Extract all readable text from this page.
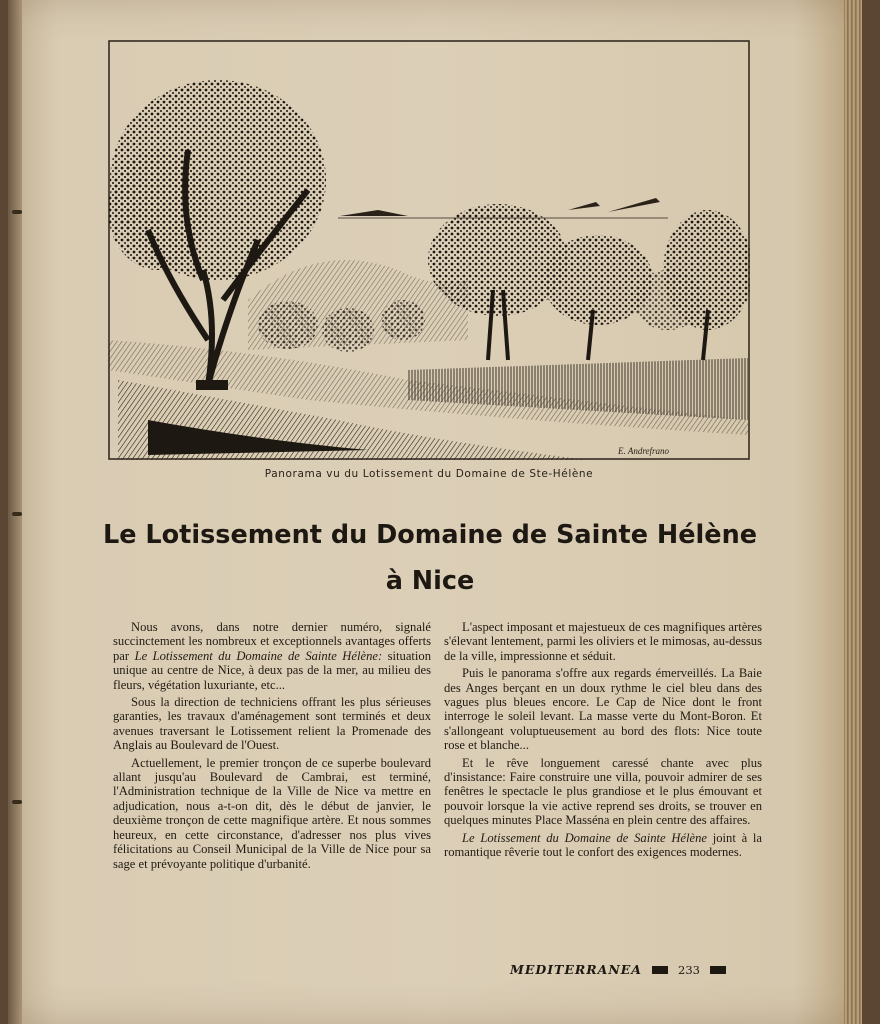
E. Andrefrano
Panorama vu du Lotissement du Domaine de Ste-Hélène
Le Lotissement du Domaine de Sainte Hélène
à Nice

Nous avons, dans notre dernier numéro, signalé succinctement les nombreux et exceptionnels avantages offerts par Le Lotissement du Domaine de Sainte Hélène: situation unique au centre de Nice, à deux pas de la mer, au milieu des fleurs, végétation luxuriante, etc...

Sous la direction de techniciens offrant les plus sérieuses garanties, les travaux d'aménagement sont terminés et deux avenues traversant le Lotissement relient la Promenade des Anglais au Boulevard de l'Ouest.

Actuellement, le premier tronçon de ce superbe boulevard allant jusqu'au Boulevard de Cambrai, est terminé, l'Administration technique de la Ville de Nice va mettre en adjudication, nous a-t-on dit, dès le début de janvier, le deuxième tronçon de cette magnifique artère. Et nous sommes heureux, en cette circonstance, d'adresser nos plus vives félicitations au Conseil Municipal de la Ville de Nice pour sa sage et prévoyante politique d'urbanité.

L'aspect imposant et majestueux de ces magnifiques artères s'élevant lentement, parmi les oliviers et le mimosas, au-dessus de la ville, impressionne et séduit.

Puis le panorama s'offre aux regards émerveillés. La Baie des Anges berçant en un doux rythme le ciel bleu dans des vagues plus bleues encore. Le Cap de Nice dont le front interroge le soleil levant. La masse verte du Mont-Boron. Et s'allongeant voluptueusement au bord des flots: Nice toute rose et blanche...

Et le rêve longuement caressé chante avec plus d'insistance: Faire construire une villa, pouvoir admirer de ses fenêtres le spectacle le plus grandiose et le plus émouvant et pouvoir lorsque la vie active reprend ses droits, se trouver en quelques minutes Place Masséna en plein centre des affaires.

Le Lotissement du Domaine de Sainte Hélène joint à la romantique rêverie tout le confort des exigences modernes.

MEDITERRANEA	233
